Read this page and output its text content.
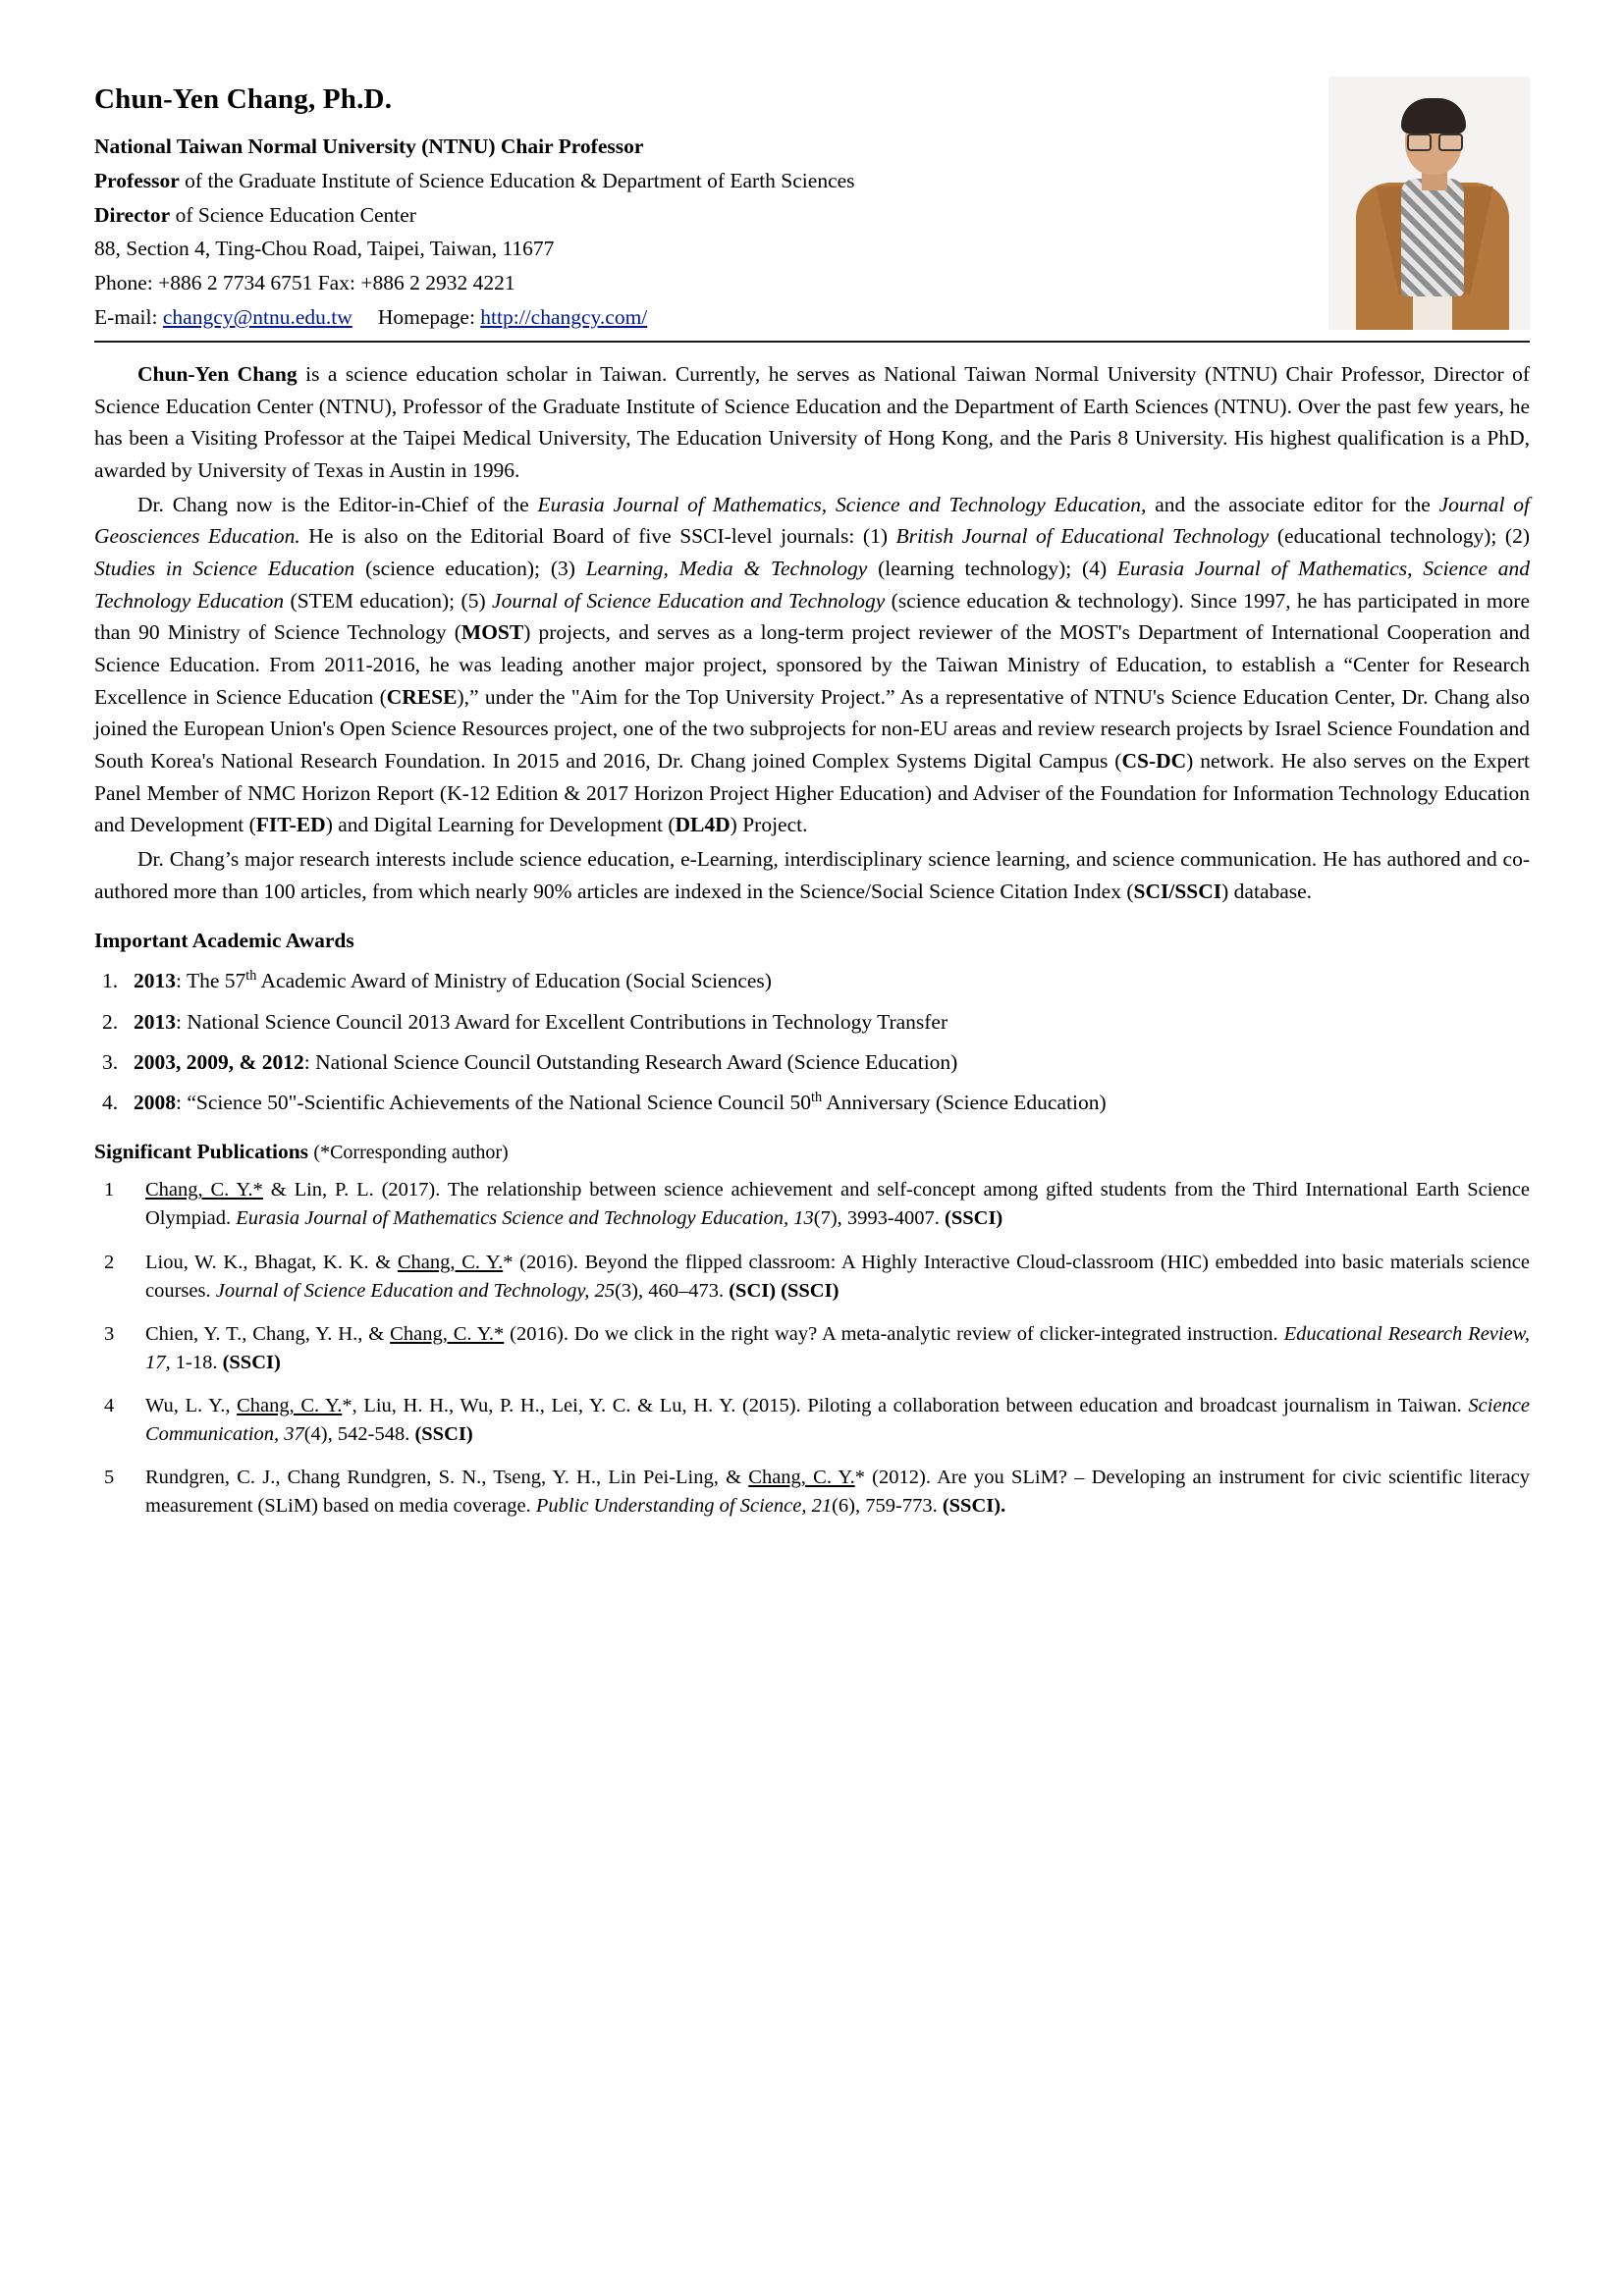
Chun-Yen Chang, Ph.D.
National Taiwan Normal University (NTNU) Chair Professor
Professor of the Graduate Institute of Science Education & Department of Earth Sciences
Director of Science Education Center
88, Section 4, Ting-Chou Road, Taipei, Taiwan, 11677
Phone: +886 2 7734 6751 Fax: +886 2 2932 4221
E-mail: changcy@ntnu.edu.tw Homepage: http://changcy.com/

Chun-Yen Chang is a science education scholar in Taiwan. Currently, he serves as National Taiwan Normal University (NTNU) Chair Professor, Director of Science Education Center (NTNU), Professor of the Graduate Institute of Science Education and the Department of Earth Sciences (NTNU). Over the past few years, he has been a Visiting Professor at the Taipei Medical University, The Education University of Hong Kong, and the Paris 8 University. His highest qualification is a PhD, awarded by University of Texas in Austin in 1996.

Dr. Chang now is the Editor-in-Chief of the Eurasia Journal of Mathematics, Science and Technology Education, and the associate editor for the Journal of Geosciences Education. He is also on the Editorial Board of five SSCI-level journals: (1) British Journal of Educational Technology (educational technology); (2) Studies in Science Education (science education); (3) Learning, Media & Technology (learning technology); (4) Eurasia Journal of Mathematics, Science and Technology Education (STEM education); (5) Journal of Science Education and Technology (science education & technology). Since 1997, he has participated in more than 90 Ministry of Science Technology (MOST) projects, and serves as a long-term project reviewer of the MOST's Department of International Cooperation and Science Education. From 2011-2016, he was leading another major project, sponsored by the Taiwan Ministry of Education, to establish a “Center for Research Excellence in Science Education (CRESE),” under the "Aim for the Top University Project.” As a representative of NTNU's Science Education Center, Dr. Chang also joined the European Union's Open Science Resources project, one of the two subprojects for non-EU areas and review research projects by Israel Science Foundation and South Korea's National Research Foundation. In 2015 and 2016, Dr. Chang joined Complex Systems Digital Campus (CS-DC) network. He also serves on the Expert Panel Member of NMC Horizon Report (K-12 Edition & 2017 Horizon Project Higher Education) and Adviser of the Foundation for Information Technology Education and Development (FIT-ED) and Digital Learning for Development (DL4D) Project.

Dr. Chang’s major research interests include science education, e-Learning, interdisciplinary science learning, and science communication. He has authored and co-authored more than 100 articles, from which nearly 90% articles are indexed in the Science/Social Science Citation Index (SCI/SSCI) database.

Important Academic Awards
1. 2013: The 57th Academic Award of Ministry of Education (Social Sciences)
2. 2013: National Science Council 2013 Award for Excellent Contributions in Technology Transfer
3. 2003, 2009, & 2012: National Science Council Outstanding Research Award (Science Education)
4. 2008: “Science 50"-Scientific Achievements of the National Science Council 50th Anniversary (Science Education)
Significant Publications (*Corresponding author)
1 Chang, C. Y.* & Lin, P. L. (2017). The relationship between science achievement and self-concept among gifted students from the Third International Earth Science Olympiad. Eurasia Journal of Mathematics Science and Technology Education, 13(7), 3993-4007. (SSCI)
2 Liou, W. K., Bhagat, K. K. & Chang, C. Y.* (2016). Beyond the flipped classroom: A Highly Interactive Cloud-classroom (HIC) embedded into basic materials science courses. Journal of Science Education and Technology, 25(3), 460–473. (SCI) (SSCI)
3 Chien, Y. T., Chang, Y. H., & Chang, C. Y.* (2016). Do we click in the right way? A meta-analytic review of clicker-integrated instruction. Educational Research Review, 17, 1-18. (SSCI)
4 Wu, L. Y., Chang, C. Y.*, Liu, H. H., Wu, P. H., Lei, Y. C. & Lu, H. Y. (2015). Piloting a collaboration between education and broadcast journalism in Taiwan. Science Communication, 37(4), 542-548. (SSCI)
5 Rundgren, C. J., Chang Rundgren, S. N., Tseng, Y. H., Lin Pei-Ling, & Chang, C. Y.* (2012). Are you SLiM? – Developing an instrument for civic scientific literacy measurement (SLiM) based on media coverage. Public Understanding of Science, 21(6), 759-773. (SSCI).
